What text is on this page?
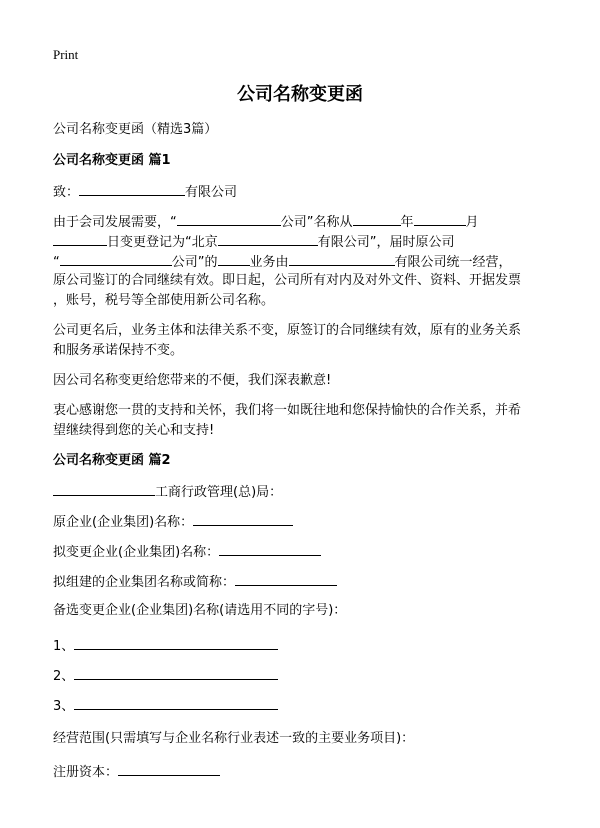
Print
公司名称变更函
公司名称变更函（精选3篇）
公司名称变更函 篇1
致：	有限公司
由于会司发展需要，“	公司”名称从	年	月
日变更登记为“北京	有限公司”，届时原公司
“	公司”的 业务由	有限公司统一经营，
原公司鉴订的合同继续有效。即日起，公司所有对内及对外文件、资料、开据发票
，账号，税号等全部使用新公司名称。
公司更名后，业务主体和法律关系不变，原签订的合同继续有效，原有的业务关系
和服务承诺保持不变。
因公司名称变更给您带来的不便，我们深表歉意!
衷心感谢您一贯的支持和关怀，我们将一如既往地和您保持愉快的合作关系，并希
望继续得到您的关心和支持!
公司名称变更函 篇2
工商行政管理(总)局：
原企业(企业集团)名称：
拟变更企业(企业集团)名称：
拟组建的企业集团名称或简称：
备选变更企业(企业集团)名称(请选用不同的字号)：
1、
2、
3、
经营范围(只需填写与企业名称行业表述一致的主要业务项目)：
注册资本：
